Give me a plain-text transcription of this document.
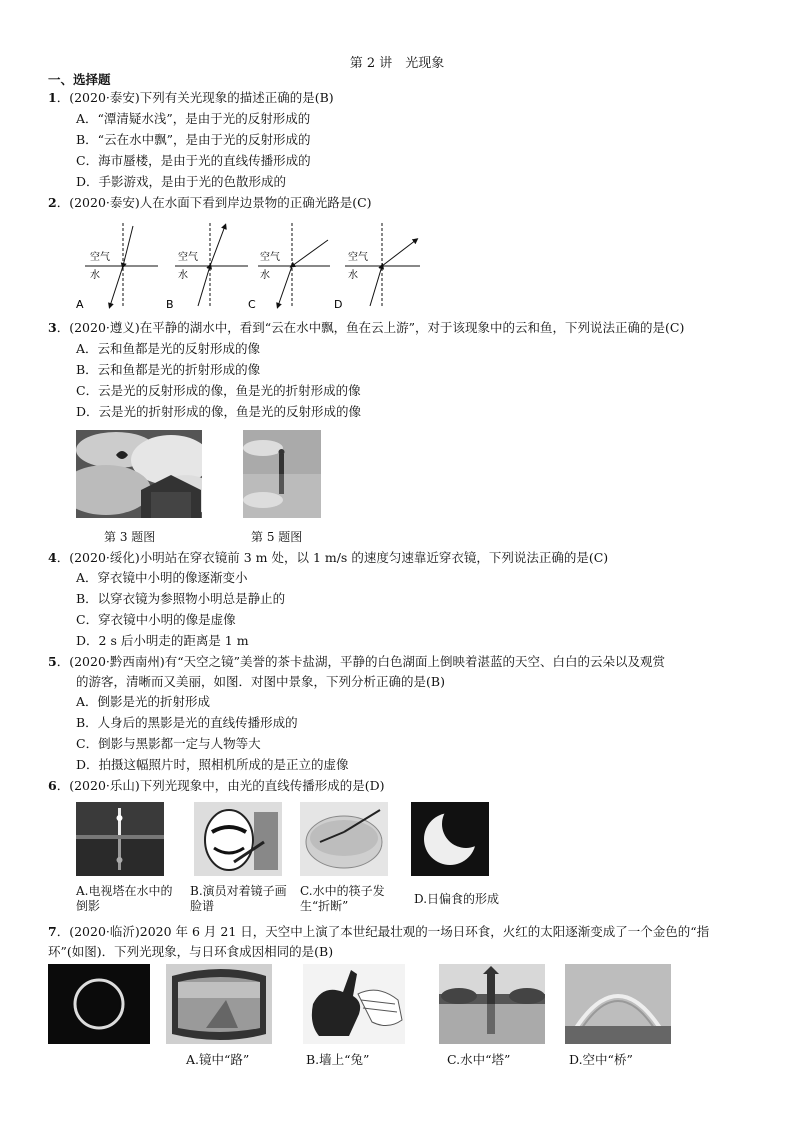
第 2 讲　光现象
一、选择题
1．(2020·泰安)下列有关光现象的描述正确的是(B)
A．“潭清疑水浅”，是由于光的反射形成的
B．“云在水中飘”，是由于光的反射形成的
C．海市蜃楼，是由于光的直线传播形成的
D．手影游戏，是由于光的色散形成的
2．(2020·泰安)人在水面下看到岸边景物的正确光路是(C)
空气
水
A
空气
水
B
空气
水
C
空气
水
D
3．(2020·遵义)在平静的湖水中，看到“云在水中飘，鱼在云上游”，对于该现象中的云和鱼，下列说法正确的是(C)
A．云和鱼都是光的反射形成的像
B．云和鱼都是光的折射形成的像
C．云是光的反射形成的像，鱼是光的折射形成的像
D．云是光的折射形成的像，鱼是光的反射形成的像
第 3 题图	第 5 题图
4．(2020·绥化)小明站在穿衣镜前 3 m 处，以 1 m/s 的速度匀速靠近穿衣镜，下列说法正确的是(C)
A．穿衣镜中小明的像逐渐变小
B．以穿衣镜为参照物小明总是静止的
C．穿衣镜中小明的像是虚像
D．2 s 后小明走的距离是 1 m
5．(2020·黔西南州)有“天空之镜”美誉的茶卡盐湖，平静的白色湖面上倒映着湛蓝的天空、白白的云朵以及观赏
的游客，清晰而又美丽，如图．对图中景象，下列分析正确的是(B)
A．倒影是光的折射形成
B．人身后的黑影是光的直线传播形成的
C．倒影与黑影都一定与人物等大
D．拍摄这幅照片时，照相机所成的是正立的虚像
6．(2020·乐山)下列光现象中，由光的直线传播形成的是(D)
A.电视塔在水中的倒影
B.演员对着镜子画脸谱
C.水中的筷子发生“折断”	D.日偏食的形成
7．(2020·临沂)2020 年 6 月 21 日，天空中上演了本世纪最壮观的一场日环食，火红的太阳逐渐变成了一个金色的“指
环”(如图)．下列光现象，与日环食成因相同的是(B)
A.镜中“路”	B.墙上“兔”	C.水中“塔”	D.空中“桥”
